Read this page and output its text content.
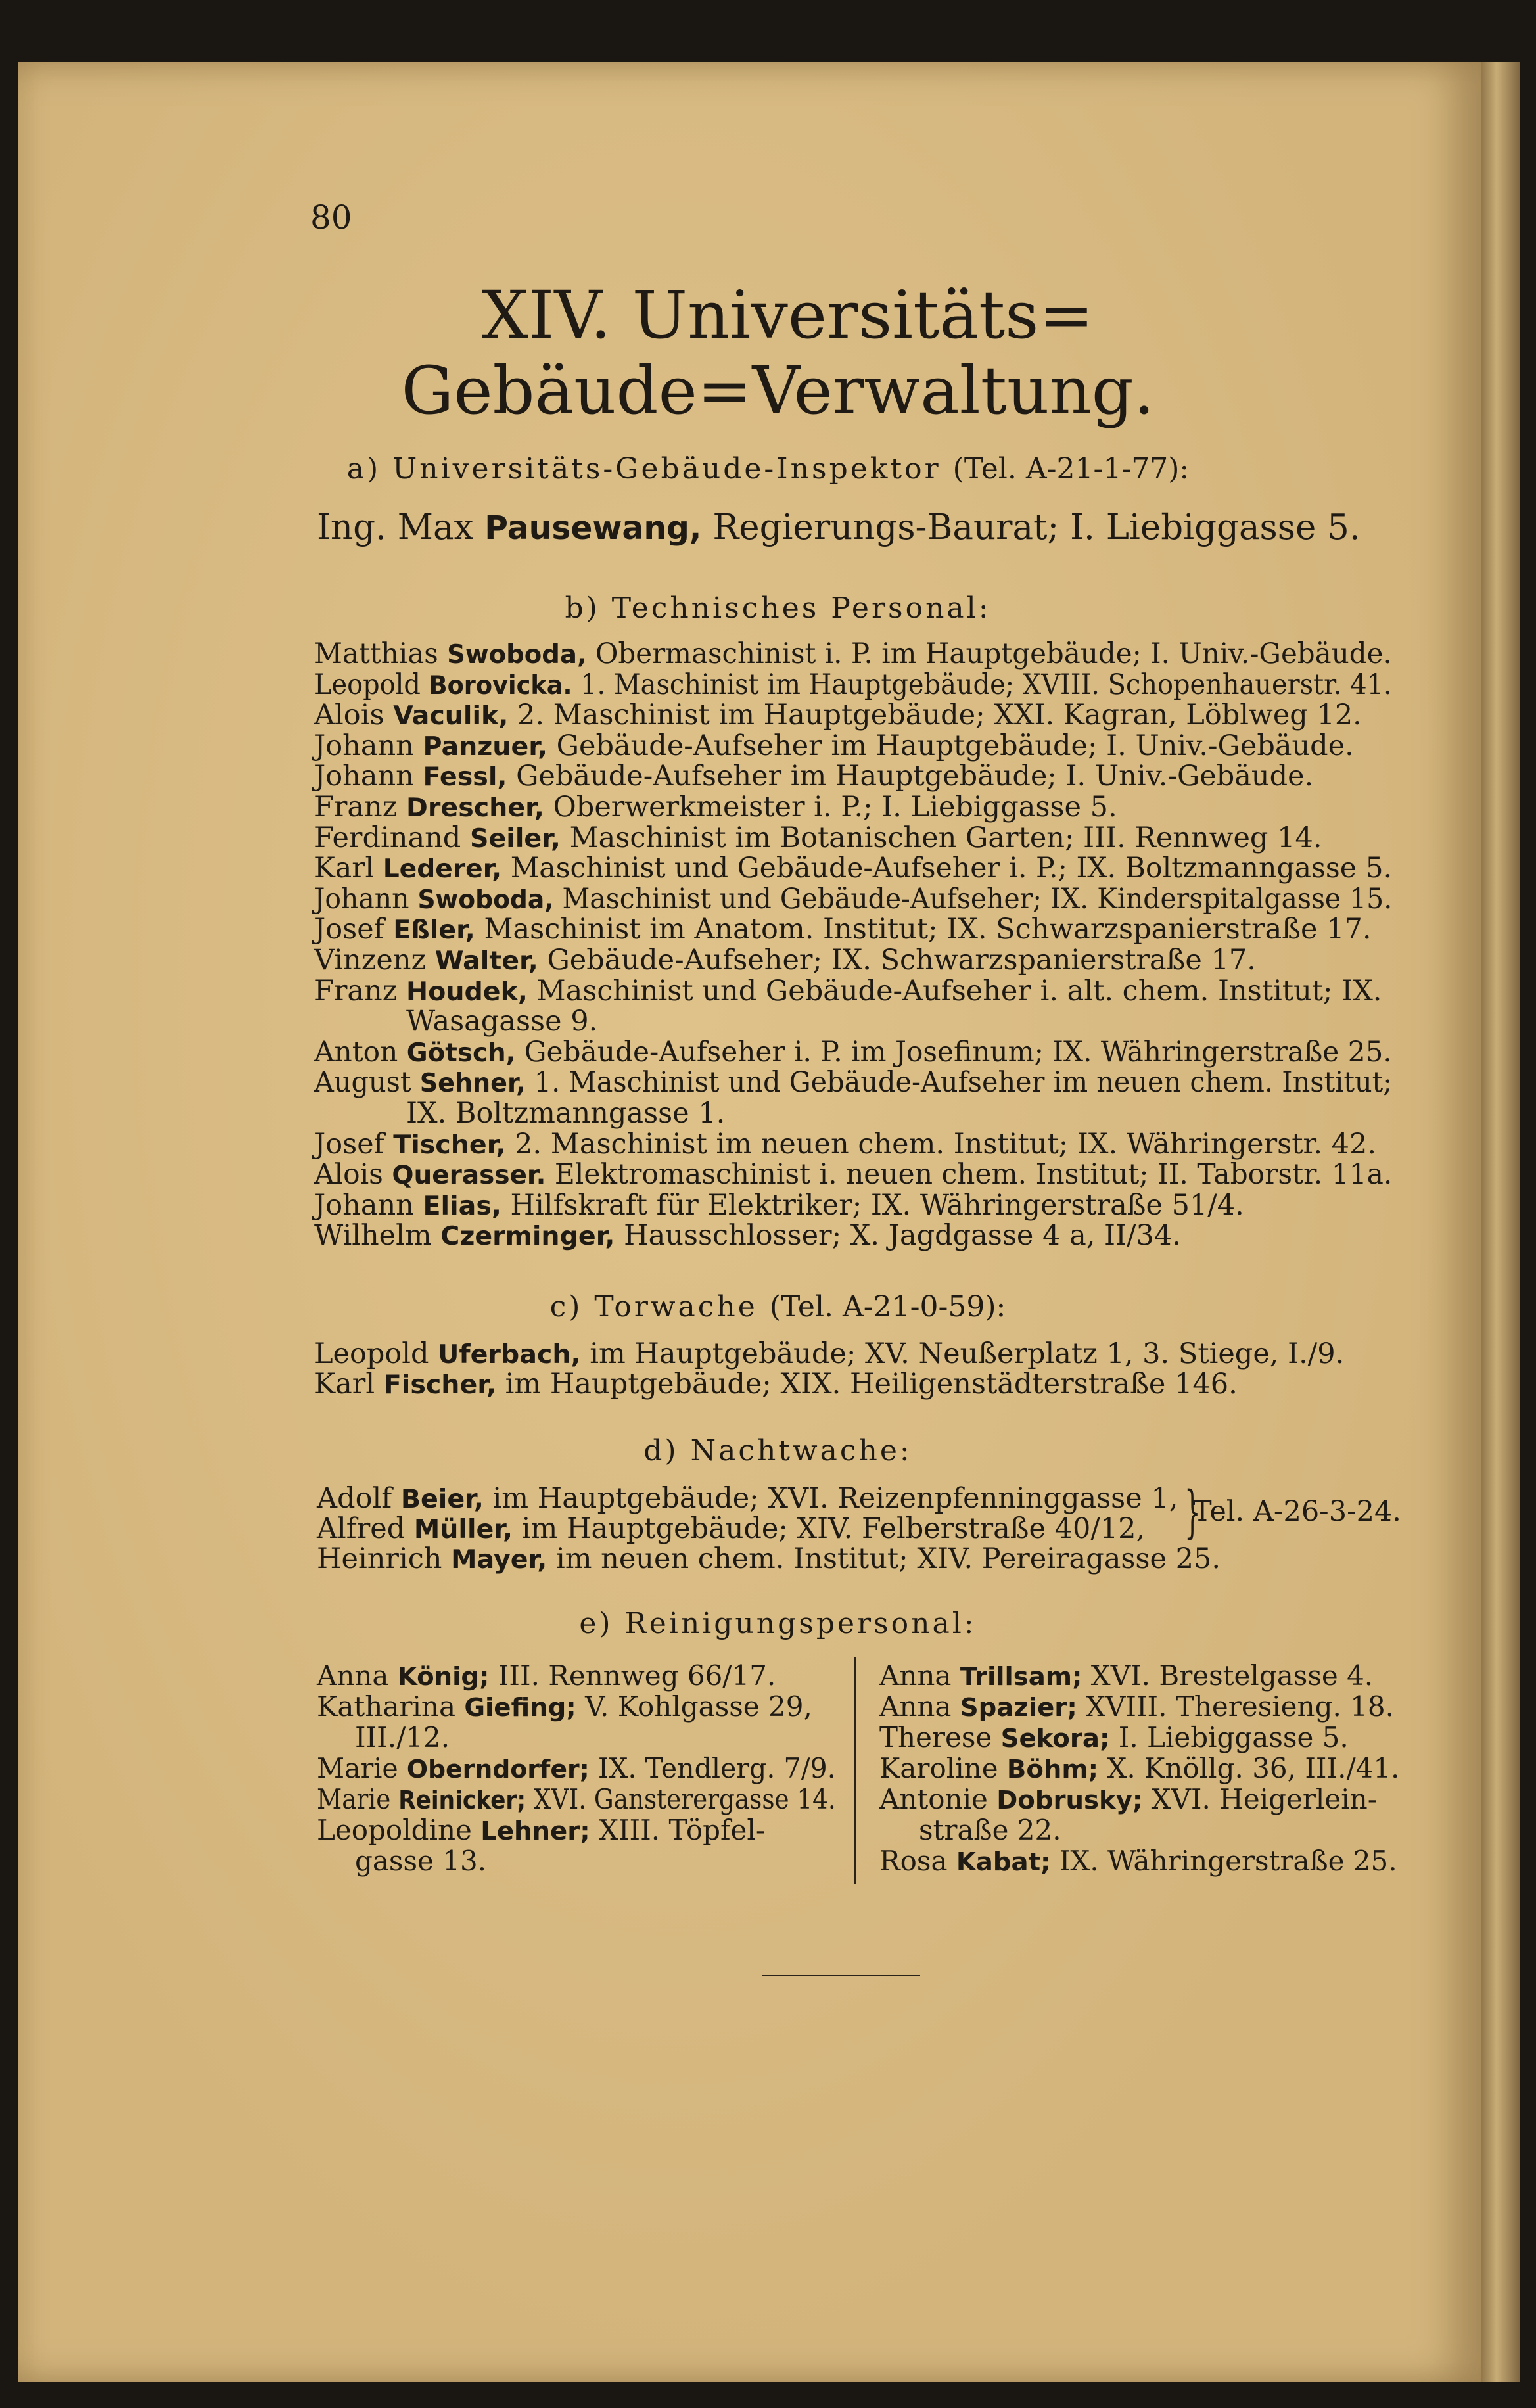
80
XIV. Universitäts=
Gebäude=Verwaltung.
a) Universitäts-Gebäude-Inspektor (Tel. A-21-1-77):
Ing. Max Pausewang, Regierungs-Baurat; I. Liebiggasse 5.
b) Technisches Personal:
Matthias Swoboda, Obermaschinist i. P. im Hauptgebäude; I. Univ.-Gebäude.
Leopold Borovicka. 1. Maschinist im Hauptgebäude; XVIII. Schopenhauerstr. 41.
Alois Vaculik, 2. Maschinist im Hauptgebäude; XXI. Kagran, Löblweg 12.
Johann Panzuer, Gebäude-Aufseher im Hauptgebäude; I. Univ.-Gebäude.
Johann Fessl, Gebäude-Aufseher im Hauptgebäude; I. Univ.-Gebäude.
Franz Drescher, Oberwerkmeister i. P.; I. Liebiggasse 5.
Ferdinand Seiler, Maschinist im Botanischen Garten; III. Rennweg 14.
Karl Lederer, Maschinist und Gebäude-Aufseher i. P.; IX. Boltzmanngasse 5.
Johann Swoboda, Maschinist und Gebäude-Aufseher; IX. Kinderspitalgasse 15.
Josef Eßler, Maschinist im Anatom. Institut; IX. Schwarzspanierstraße 17.
Vinzenz Walter, Gebäude-Aufseher; IX. Schwarzspanierstraße 17.
Franz Houdek, Maschinist und Gebäude-Aufseher i. alt. chem. Institut; IX.
Wasagasse 9.
Anton Götsch, Gebäude-Aufseher i. P. im Josefinum; IX. Währingerstraße 25.
August Sehner, 1. Maschinist und Gebäude-Aufseher im neuen chem. Institut;
IX. Boltzmanngasse 1.
Josef Tischer, 2. Maschinist im neuen chem. Institut; IX. Währingerstr. 42.
Alois Querasser. Elektromaschinist i. neuen chem. Institut; II. Taborstr. 11a.
Johann Elias, Hilfskraft für Elektriker; IX. Währingerstraße 51/4.
Wilhelm Czerminger, Hausschlosser; X. Jagdgasse 4 a, II/34.
c) Torwache (Tel. A-21-0-59):
Leopold Uferbach, im Hauptgebäude; XV. Neußerplatz 1, 3. Stiege, I./9.
Karl Fischer, im Hauptgebäude; XIX. Heiligenstädterstraße 146.
d) Nachtwache:
Adolf Beier, im Hauptgebäude; XVI. Reizenpfenninggasse 1,
Alfred Müller, im Hauptgebäude; XIV. Felberstraße 40/12,
Heinrich Mayer, im neuen chem. Institut; XIV. Pereiragasse 25.
}
Tel. A-26-3-24.
e) Reinigungspersonal:
Anna König; III. Rennweg 66/17.
Katharina Giefing; V. Kohlgasse 29,
III./12.
Marie Oberndorfer; IX. Tendlerg. 7/9.
Marie Reinicker; XVI. Gansterergasse 14.
Leopoldine Lehner; XIII. Töpfel-
gasse 13.
Anna Trillsam; XVI. Brestelgasse 4.
Anna Spazier; XVIII. Theresieng. 18.
Therese Sekora; I. Liebiggasse 5.
Karoline Böhm; X. Knöllg. 36, III./41.
Antonie Dobrusky; XVI. Heigerlein-
straße 22.
Rosa Kabat; IX. Währingerstraße 25.
